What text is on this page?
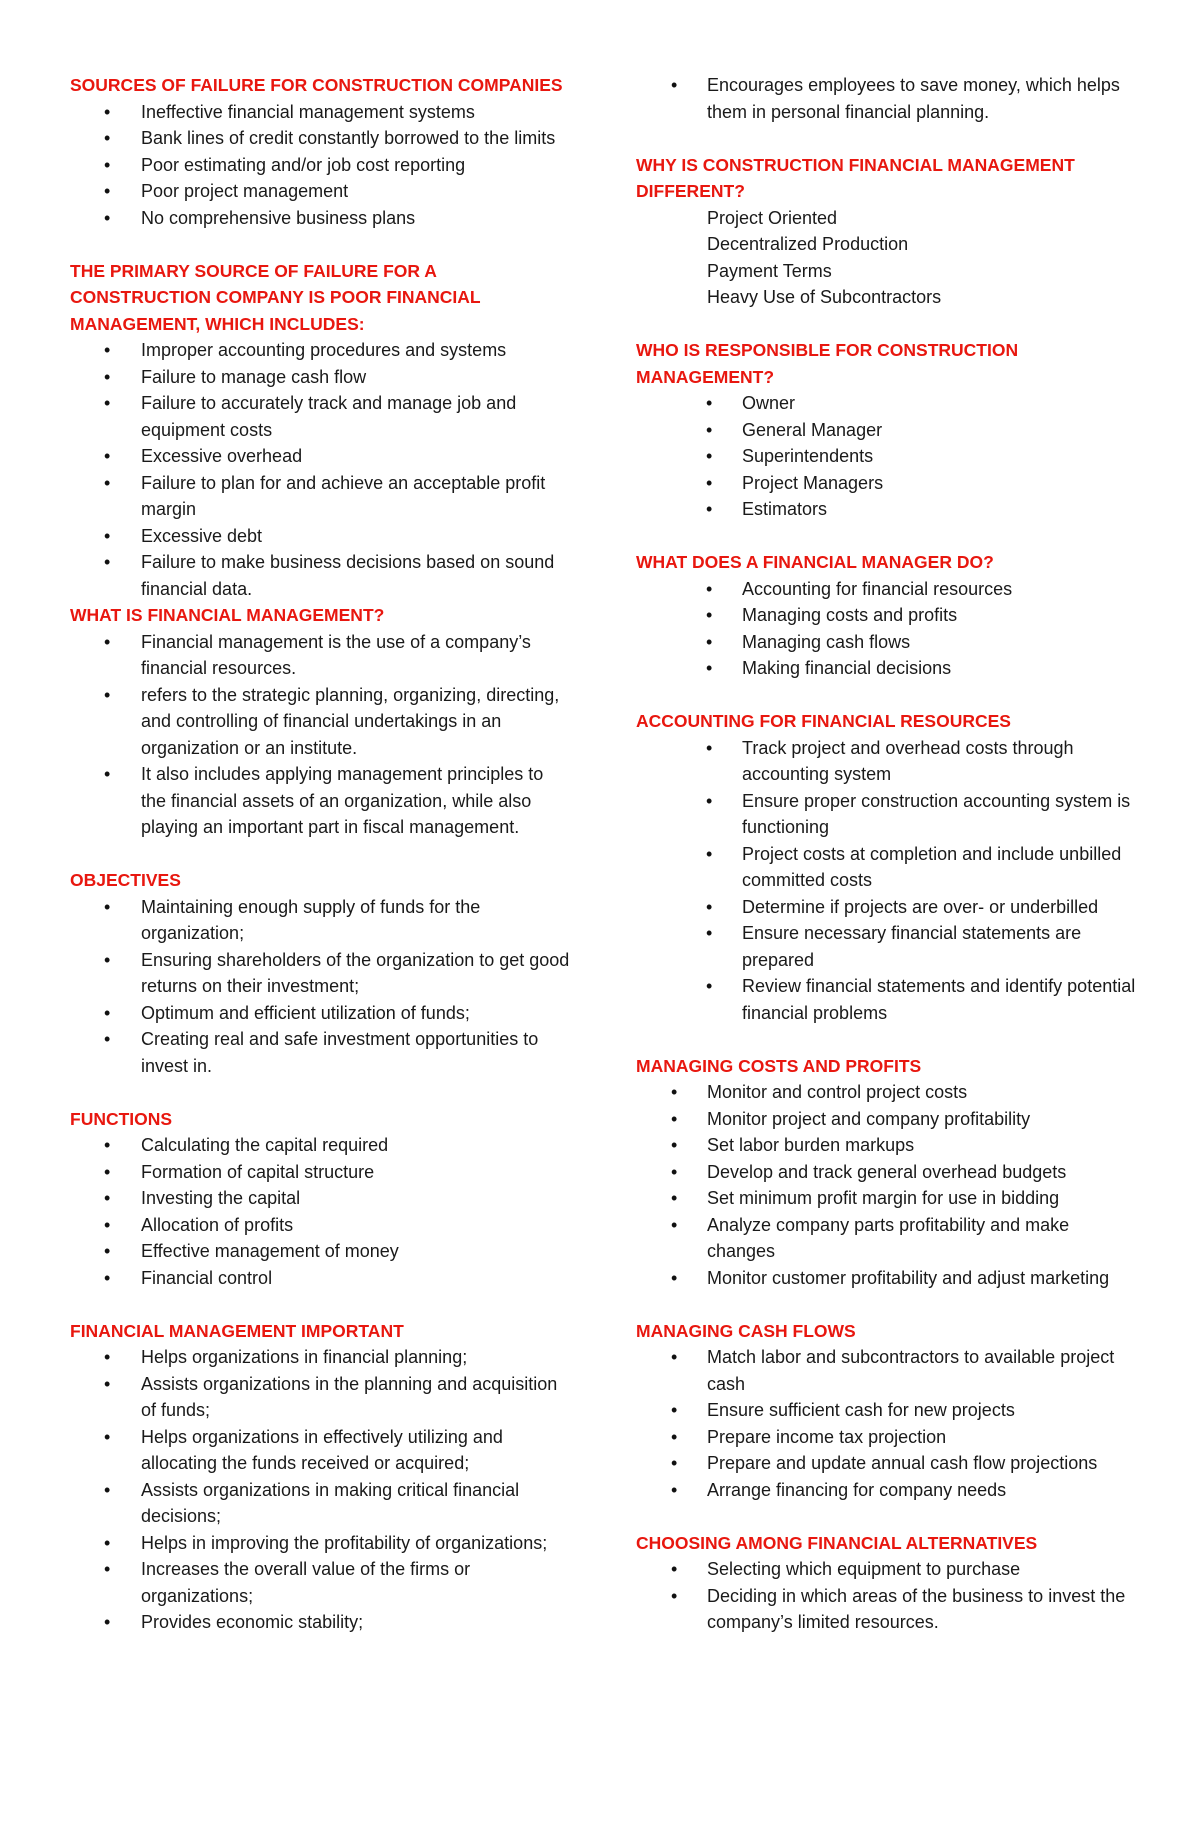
SOURCES OF FAILURE FOR CONSTRUCTION COMPANIES

• Ineffective financial management systems
• Bank lines of credit constantly borrowed to the limits
• Poor estimating and/or job cost reporting
• Poor project management
• No comprehensive business plans

THE PRIMARY SOURCE OF FAILURE FOR A CONSTRUCTION COMPANY IS POOR FINANCIAL MANAGEMENT, WHICH INCLUDES:

• Improper accounting procedures and systems
• Failure to manage cash flow
• Failure to accurately track and manage job and equipment costs
• Excessive overhead
• Failure to plan for and achieve an acceptable profit margin
• Excessive debt
• Failure to make business decisions based on sound financial data.

WHAT IS FINANCIAL MANAGEMENT?

• Financial management is the use of a company’s financial resources.
• refers to the strategic planning, organizing, directing, and controlling of financial undertakings in an organization or an institute.
• It also includes applying management principles to the financial assets of an organization, while also playing an important part in fiscal management.

OBJECTIVES

• Maintaining enough supply of funds for the organization;
• Ensuring shareholders of the organization to get good returns on their investment;
• Optimum and efficient utilization of funds;
• Creating real and safe investment opportunities to invest in.

FUNCTIONS

• Calculating the capital required
• Formation of capital structure
• Investing the capital
• Allocation of profits
• Effective management of money
• Financial control

FINANCIAL MANAGEMENT IMPORTANT

• Helps organizations in financial planning;
• Assists organizations in the planning and acquisition of funds;
• Helps organizations in effectively utilizing and allocating the funds received or acquired;
• Assists organizations in making critical financial decisions;
• Helps in improving the profitability of organizations;
• Increases the overall value of the firms or organizations;
• Provides economic stability;
• Encourages employees to save money, which helps them in personal financial planning.

WHY IS CONSTRUCTION FINANCIAL MANAGEMENT DIFFERENT?

Project Oriented
Decentralized Production
Payment Terms
Heavy Use of Subcontractors

WHO IS RESPONSIBLE FOR CONSTRUCTION MANAGEMENT?

• Owner
• General Manager
• Superintendents
• Project Managers
• Estimators

WHAT DOES A FINANCIAL MANAGER DO?

• Accounting for financial resources
• Managing costs and profits
• Managing cash flows
• Making financial decisions

ACCOUNTING FOR FINANCIAL RESOURCES

• Track project and overhead costs through accounting system
• Ensure proper construction accounting system is functioning
• Project costs at completion and include unbilled committed costs
• Determine if projects are over- or underbilled
• Ensure necessary financial statements are prepared
• Review financial statements and identify potential financial problems

MANAGING COSTS AND PROFITS

• Monitor and control project costs
• Monitor project and company profitability
• Set labor burden markups
• Develop and track general overhead budgets
• Set minimum profit margin for use in bidding
• Analyze company parts profitability and make changes
• Monitor customer profitability and adjust marketing

MANAGING CASH FLOWS

• Match labor and subcontractors to available project cash
• Ensure sufficient cash for new projects
• Prepare income tax projection
• Prepare and update annual cash flow projections
• Arrange financing for company needs

CHOOSING AMONG FINANCIAL ALTERNATIVES

• Selecting which equipment to purchase
• Deciding in which areas of the business to invest the company’s limited resources.
